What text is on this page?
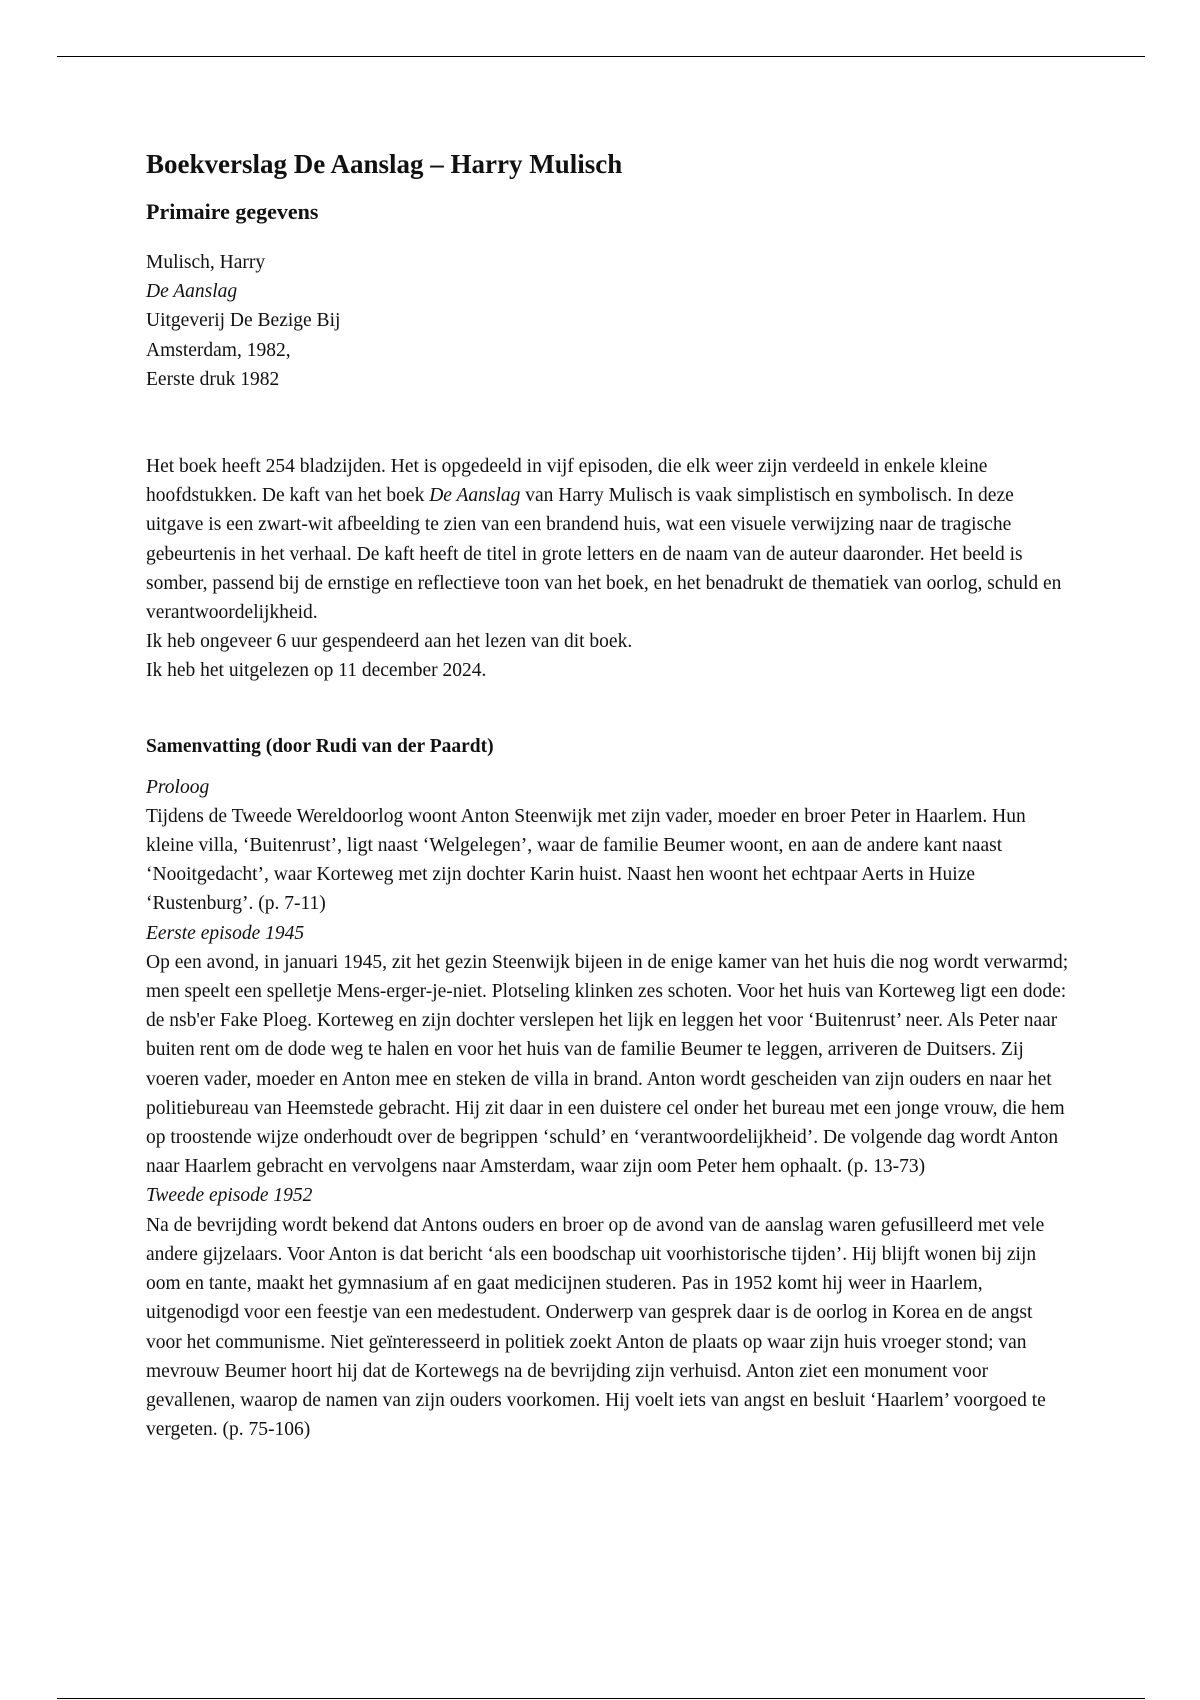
Boekverslag De Aanslag – Harry Mulisch
Primaire gegevens
Mulisch, Harry
De Aanslag
Uitgeverij De Bezige Bij
Amsterdam, 1982,
Eerste druk 1982

Het boek heeft 254 bladzijden. Het is opgedeeld in vijf episoden, die elk weer zijn verdeeld in enkele kleine hoofdstukken. De kaft van het boek De Aanslag van Harry Mulisch is vaak simplistisch en symbolisch. In deze uitgave is een zwart-wit afbeelding te zien van een brandend huis, wat een visuele verwijzing naar de tragische gebeurtenis in het verhaal. De kaft heeft de titel in grote letters en de naam van de auteur daaronder. Het beeld is somber, passend bij de ernstige en reflectieve toon van het boek, en het benadrukt de thematiek van oorlog, schuld en verantwoordelijkheid.

Ik heb ongeveer 6 uur gespendeerd aan het lezen van dit boek.
Ik heb het uitgelezen op 11 december 2024.
Samenvatting (door Rudi van der Paardt)
Proloog

Tijdens de Tweede Wereldoorlog woont Anton Steenwijk met zijn vader, moeder en broer Peter in Haarlem. Hun kleine villa, ‘Buitenrust’, ligt naast ‘Welgelegen’, waar de familie Beumer woont, en aan de andere kant naast ‘Nooitgedacht’, waar Korteweg met zijn dochter Karin huist. Naast hen woont het echtpaar Aerts in Huize ‘Rustenburg’. (p. 7-11)

Eerste episode 1945

Op een avond, in januari 1945, zit het gezin Steenwijk bijeen in de enige kamer van het huis die nog wordt verwarmd; men speelt een spelletje Mens-erger-je-niet. Plotseling klinken zes schoten. Voor het huis van Korteweg ligt een dode: de nsb'er Fake Ploeg. Korteweg en zijn dochter verslepen het lijk en leggen het voor ‘Buitenrust’ neer. Als Peter naar buiten rent om de dode weg te halen en voor het huis van de familie Beumer te leggen, arriveren de Duitsers. Zij voeren vader, moeder en Anton mee en steken de villa in brand. Anton wordt gescheiden van zijn ouders en naar het politiebureau van Heemstede gebracht. Hij zit daar in een duistere cel onder het bureau met een jonge vrouw, die hem op troostende wijze onderhoudt over de begrippen ‘schuld’ en ‘verantwoordelijkheid’. De volgende dag wordt Anton naar Haarlem gebracht en vervolgens naar Amsterdam, waar zijn oom Peter hem ophaalt. (p. 13-73)

Tweede episode 1952

Na de bevrijding wordt bekend dat Antons ouders en broer op de avond van de aanslag waren gefusilleerd met vele andere gijzelaars. Voor Anton is dat bericht ‘als een boodschap uit voorhistorische tijden’. Hij blijft wonen bij zijn oom en tante, maakt het gymnasium af en gaat medicijnen studeren. Pas in 1952 komt hij weer in Haarlem, uitgenodigd voor een feestje van een medestudent. Onderwerp van gesprek daar is de oorlog in Korea en de angst voor het communisme. Niet geïnteresseerd in politiek zoekt Anton de plaats op waar zijn huis vroeger stond; van mevrouw Beumer hoort hij dat de Kortewegs na de bevrijding zijn verhuisd. Anton ziet een monument voor gevallenen, waarop de namen van zijn ouders voorkomen. Hij voelt iets van angst en besluit ‘Haarlem’ voorgoed te vergeten. (p. 75-106)
